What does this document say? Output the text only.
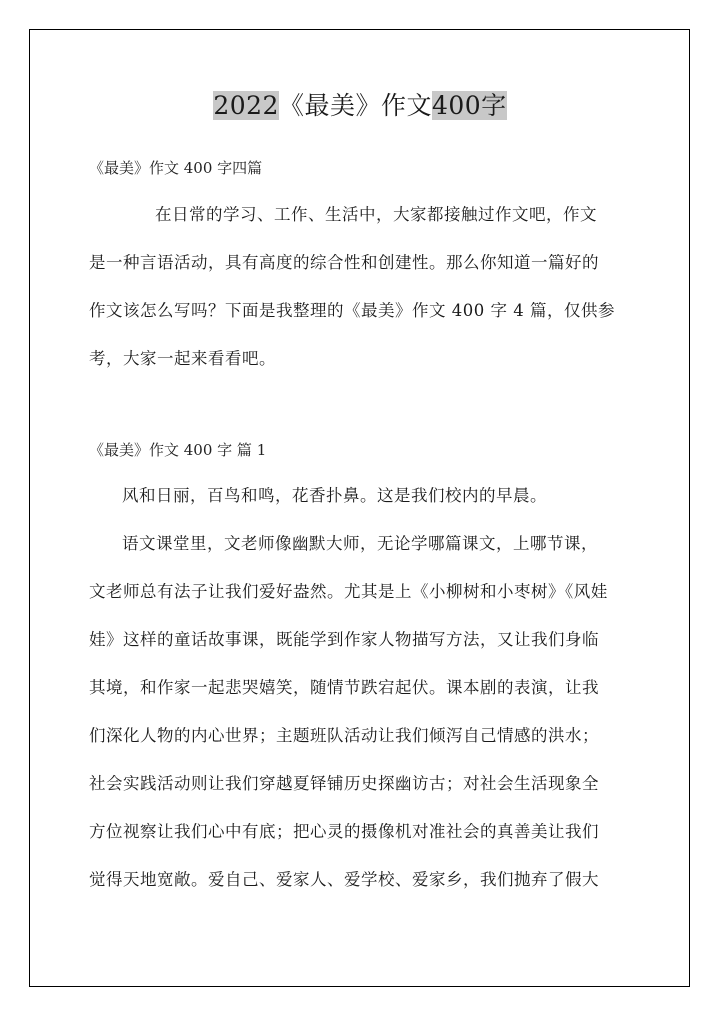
2022《最美》作文400字
《最美》作文 400 字四篇
在日常的学习、工作、生活中，大家都接触过作文吧，作文
是一种言语活动，具有高度的综合性和创建性。那么你知道一篇好的
作文该怎么写吗？下面是我整理的《最美》作文 400 字 4 篇，仅供参
考，大家一起来看看吧。
《最美》作文 400 字 篇 1
风和日丽，百鸟和鸣，花香扑鼻。这是我们校内的早晨。
语文课堂里，文老师像幽默大师，无论学哪篇课文，上哪节课，
文老师总有法子让我们爱好盎然。尤其是上《小柳树和小枣树》《风娃
娃》这样的童话故事课，既能学到作家人物描写方法，又让我们身临
其境，和作家一起悲哭嬉笑，随情节跌宕起伏。课本剧的表演，让我
们深化人物的内心世界；主题班队活动让我们倾泻自己情感的洪水；
社会实践活动则让我们穿越夏铎铺历史探幽访古；对社会生活现象全
方位视察让我们心中有底；把心灵的摄像机对准社会的真善美让我们
觉得天地宽敞。爱自己、爱家人、爱学校、爱家乡，我们抛弃了假大
